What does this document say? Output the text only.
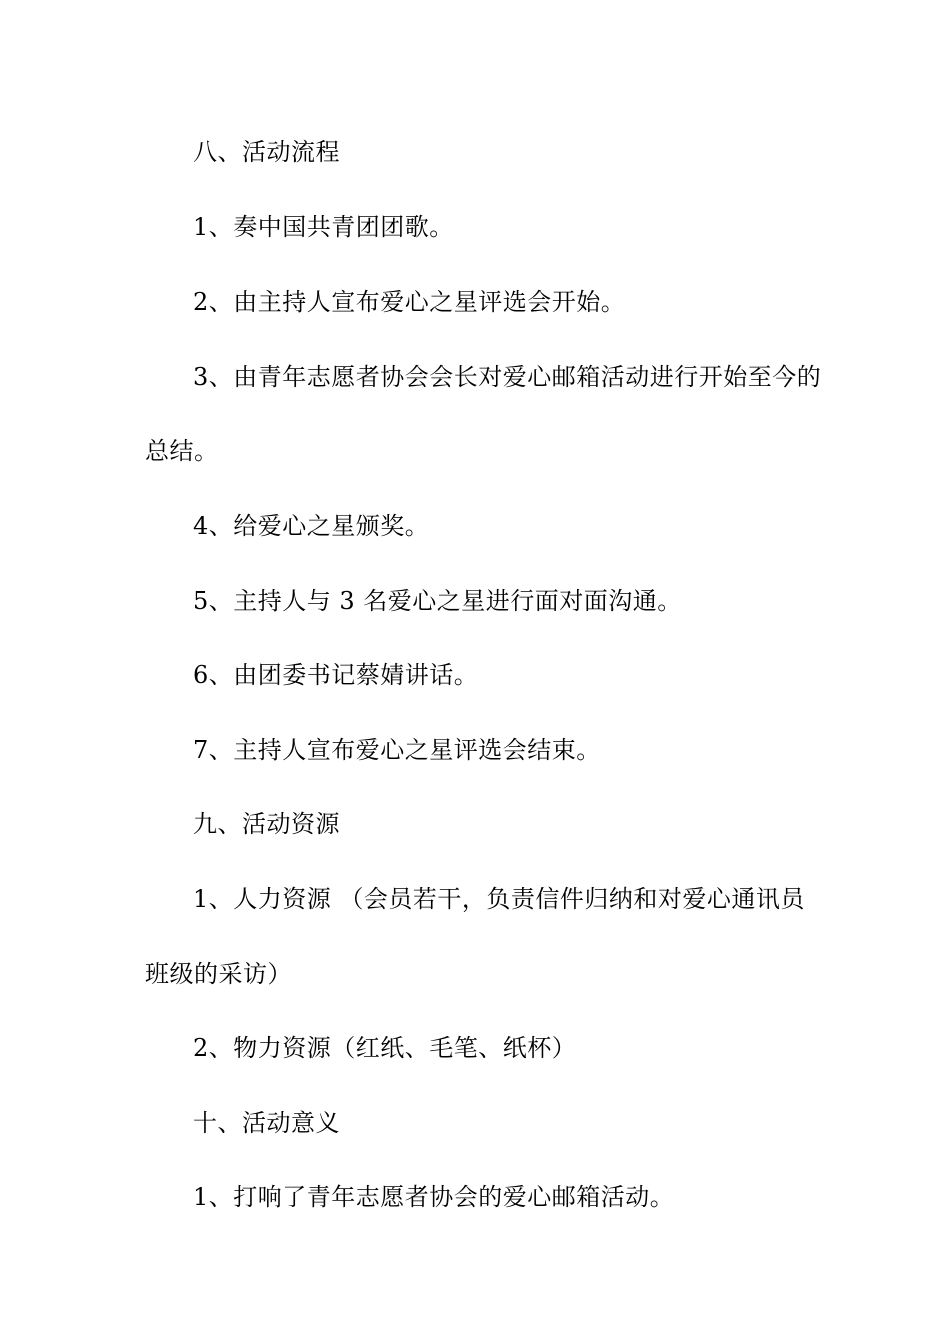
八、活动流程
1、奏中国共青团团歌。
2、由主持人宣布爱心之星评选会开始。
3、由青年志愿者协会会长对爱心邮箱活动进行开始至今的
总结。
4、给爱心之星颁奖。
5、主持人与 3 名爱心之星进行面对面沟通。
6、由团委书记蔡婧讲话。
7、主持人宣布爱心之星评选会结束。
九、活动资源
1、人力资源 （会员若干，负责信件归纳和对爱心通讯员
班级的采访）
2、物力资源（红纸、毛笔、纸杯）
十、活动意义
1、打响了青年志愿者协会的爱心邮箱活动。
